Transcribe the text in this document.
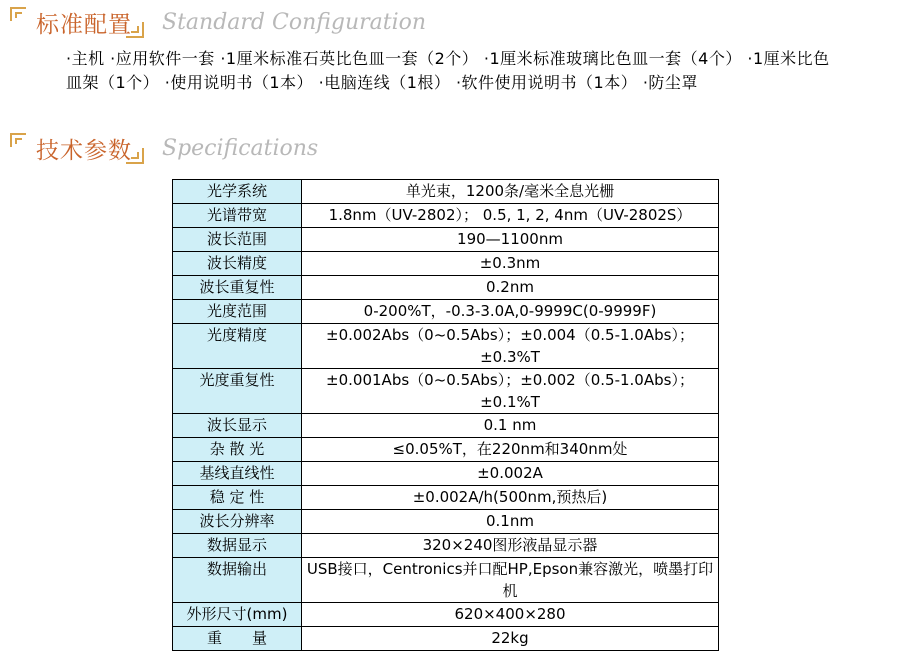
标准配置 Standard Configuration
·主机 ·应用软件一套 ·1厘米标准石英比色皿一套（2个） ·1厘米标准玻璃比色皿一套（4个） ·1厘米比色皿架（1个） ·使用说明书（1本） ·电脑连线（1根） ·软件使用说明书（1本） ·防尘罩
技术参数 Specifications
光学系统	单光束，1200条/毫米全息光栅
光谱带宽	1.8nm（UV-2802）； 0.5, 1, 2, 4nm（UV-2802S）
波长范围	190—1100nm
波长精度	±0.3nm
波长重复性	0.2nm
光度范围	0-200%T，-0.3-3.0A,0-9999C(0-9999F)
光度精度	±0.002Abs（0~0.5Abs）；±0.004（0.5-1.0Abs）；±0.3%T
光度重复性	±0.001Abs（0~0.5Abs）；±0.002（0.5-1.0Abs）；±0.1%T
波长显示	0.1 nm
杂 散 光	≤0.05%T，在220nm和340nm处
基线直线性	±0.002A
稳 定 性	±0.002A/h(500nm,预热后)
波长分辨率	0.1nm
数据显示	320×240图形液晶显示器
数据输出	USB接口，Centronics并口配HP,Epson兼容激光，喷墨打印机
外形尺寸(mm)	620×400×280
重　　量	22kg
